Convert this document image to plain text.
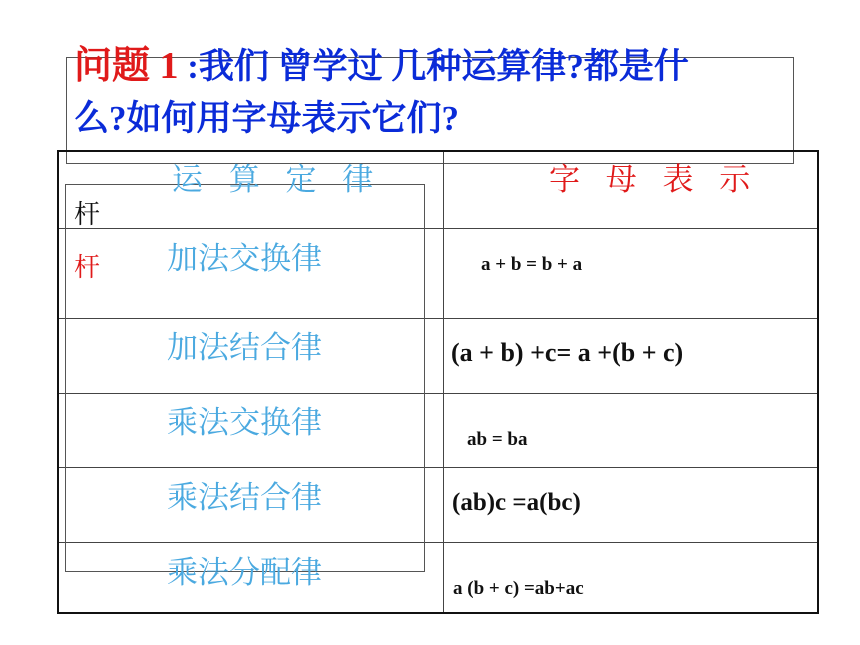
问题 1 :我们 曾学过 几种运算律?都是什
么?如何用字母表示它们?

运 算 定 律	字 母 表 示
杆
杆 加法交换律
加法结合律
乘法交换律
乘法结合律
乘法分配律
a + b = b + a
(a + b) +c= a +(b + c)
ab = ba
(ab)c =a(bc)
a (b + c) =ab+ac
